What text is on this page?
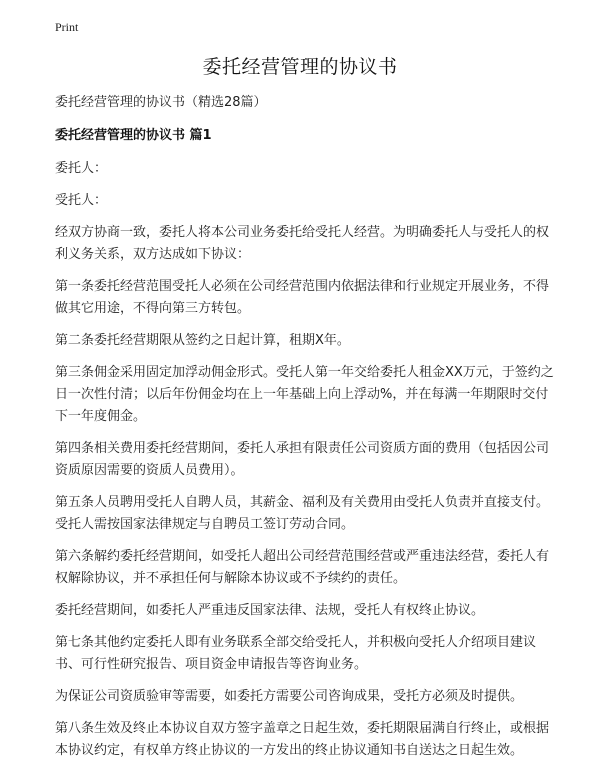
Print
委托经营管理的协议书

委托经营管理的协议书（精选28篇）

委托经营管理的协议书 篇1

委托人：

受托人：

经双方协商一致，委托人将本公司业务委托给受托人经营。为明确委托人与受托人的权利义务关系，双方达成如下协议：

第一条委托经营范围受托人必须在公司经营范围内依据法律和行业规定开展业务，不得做其它用途，不得向第三方转包。

第二条委托经营期限从签约之日起计算，租期X年。

第三条佣金采用固定加浮动佣金形式。受托人第一年交给委托人租金XX万元，于签约之日一次性付清；以后年份佣金均在上一年基础上向上浮动%，并在每满一年期限时交付下一年度佣金。

第四条相关费用委托经营期间，委托人承担有限责任公司资质方面的费用（包括因公司资质原因需要的资质人员费用）。

第五条人员聘用受托人自聘人员，其薪金、福利及有关费用由受托人负责并直接支付。受托人需按国家法律规定与自聘员工签订劳动合同。

第六条解约委托经营期间，如受托人超出公司经营范围经营或严重违法经营，委托人有权解除协议，并不承担任何与解除本协议或不予续约的责任。

委托经营期间，如委托人严重违反国家法律、法规，受托人有权终止协议。

第七条其他约定委托人即有业务联系全部交给受托人，并积极向受托人介绍项目建议书、可行性研究报告、项目资金申请报告等咨询业务。

为保证公司资质验审等需要，如委托方需要公司咨询成果，受托方必须及时提供。

第八条生效及终止本协议自双方签字盖章之日起生效，委托期限届满自行终止，或根据本协议约定，有权单方终止协议的一方发出的终止协议通知书自送达之日起生效。
